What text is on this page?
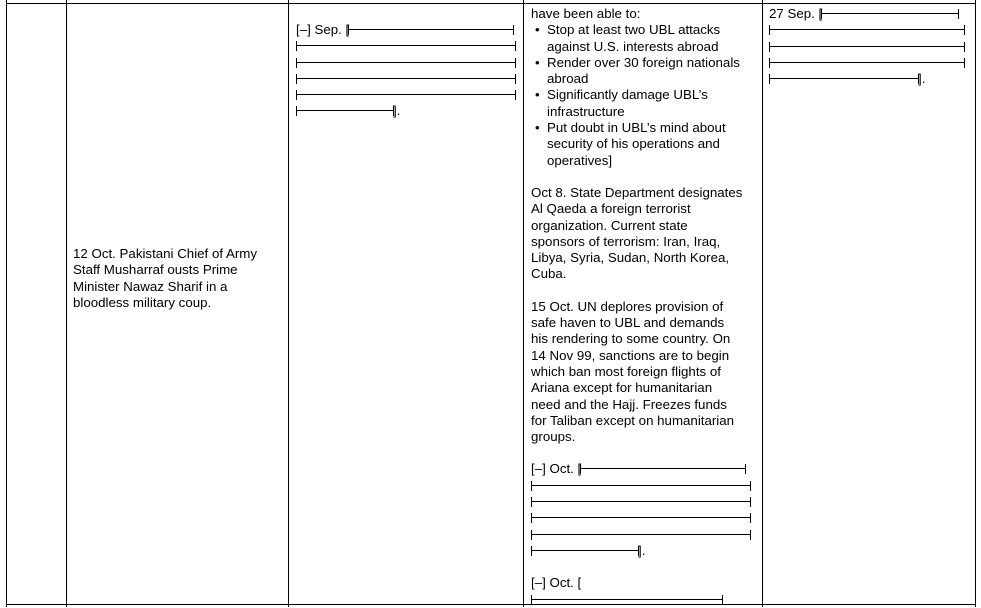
12 Oct. Pakistani Chief of Army
Staff Musharraf ousts Prime
Minister Nawaz Sharif in a
bloodless military coup.
[–] Sep. [
].
have been able to:
• Stop at least two UBL attacks
against U.S. interests abroad
• Render over 30 foreign nationals
abroad
• Significantly damage UBL’s
infrastructure
• Put doubt in UBL’s mind about
security of his operations and
operatives]
Oct 8. State Department designates
Al Qaeda a foreign terrorist
organization. Current state
sponsors of terrorism: Iran, Iraq,
Libya, Syria, Sudan, North Korea,
Cuba.
15 Oct. UN deplores provision of
safe haven to UBL and demands
his rendering to some country. On
14 Nov 99, sanctions are to begin
which ban most foreign flights of
Ariana except for humanitarian
need and the Hajj. Freezes funds
for Taliban except on humanitarian
groups.
[–] Oct. [
].
[–] Oct. [
27 Sep. [
].
